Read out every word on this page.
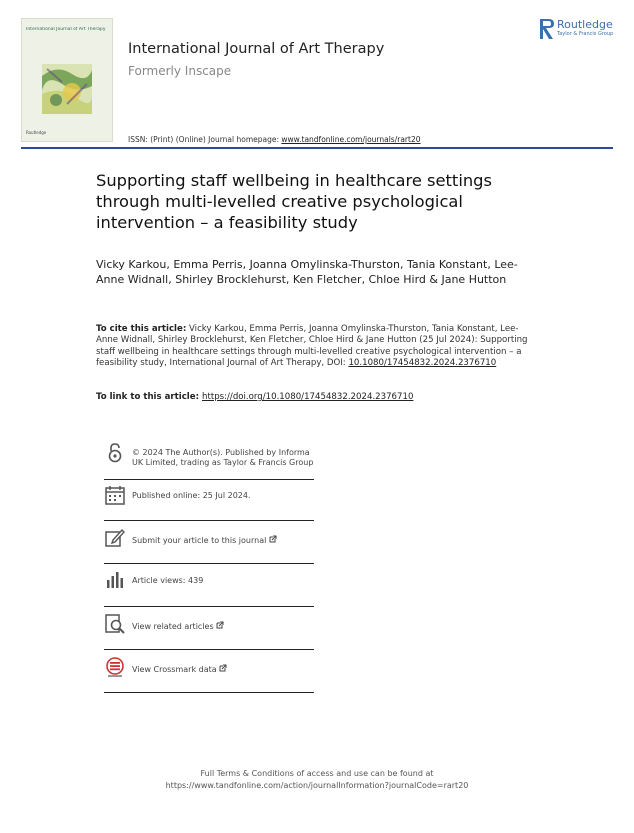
International Journal of Art Therapy
Routledge
International Journal of Art Therapy
Formerly Inscape
ISSN: (Print) (Online) Journal homepage: www.tandfonline.com/journals/rart20
Routledge
Taylor & Francis Group
Supporting staff wellbeing in healthcare settings through multi-levelled creative psychological intervention – a feasibility study
Vicky Karkou, Emma Perris, Joanna Omylinska-Thurston, Tania Konstant, Lee-Anne Widnall, Shirley Brocklehurst, Ken Fletcher, Chloe Hird & Jane Hutton
To cite this article: Vicky Karkou, Emma Perris, Joanna Omylinska-Thurston, Tania Konstant, Lee-Anne Widnall, Shirley Brocklehurst, Ken Fletcher, Chloe Hird & Jane Hutton (25 Jul 2024): Supporting staff wellbeing in healthcare settings through multi-levelled creative psychological intervention – a feasibility study, International Journal of Art Therapy, DOI: 10.1080/17454832.2024.2376710
To link to this article: https://doi.org/10.1080/17454832.2024.2376710
© 2024 The Author(s). Published by Informa UK Limited, trading as Taylor & Francis Group
Published online: 25 Jul 2024.
Submit your article to this journal
Article views: 439
View related articles
View Crossmark data
Full Terms & Conditions of access and use can be found at
https://www.tandfonline.com/action/journalInformation?journalCode=rart20
